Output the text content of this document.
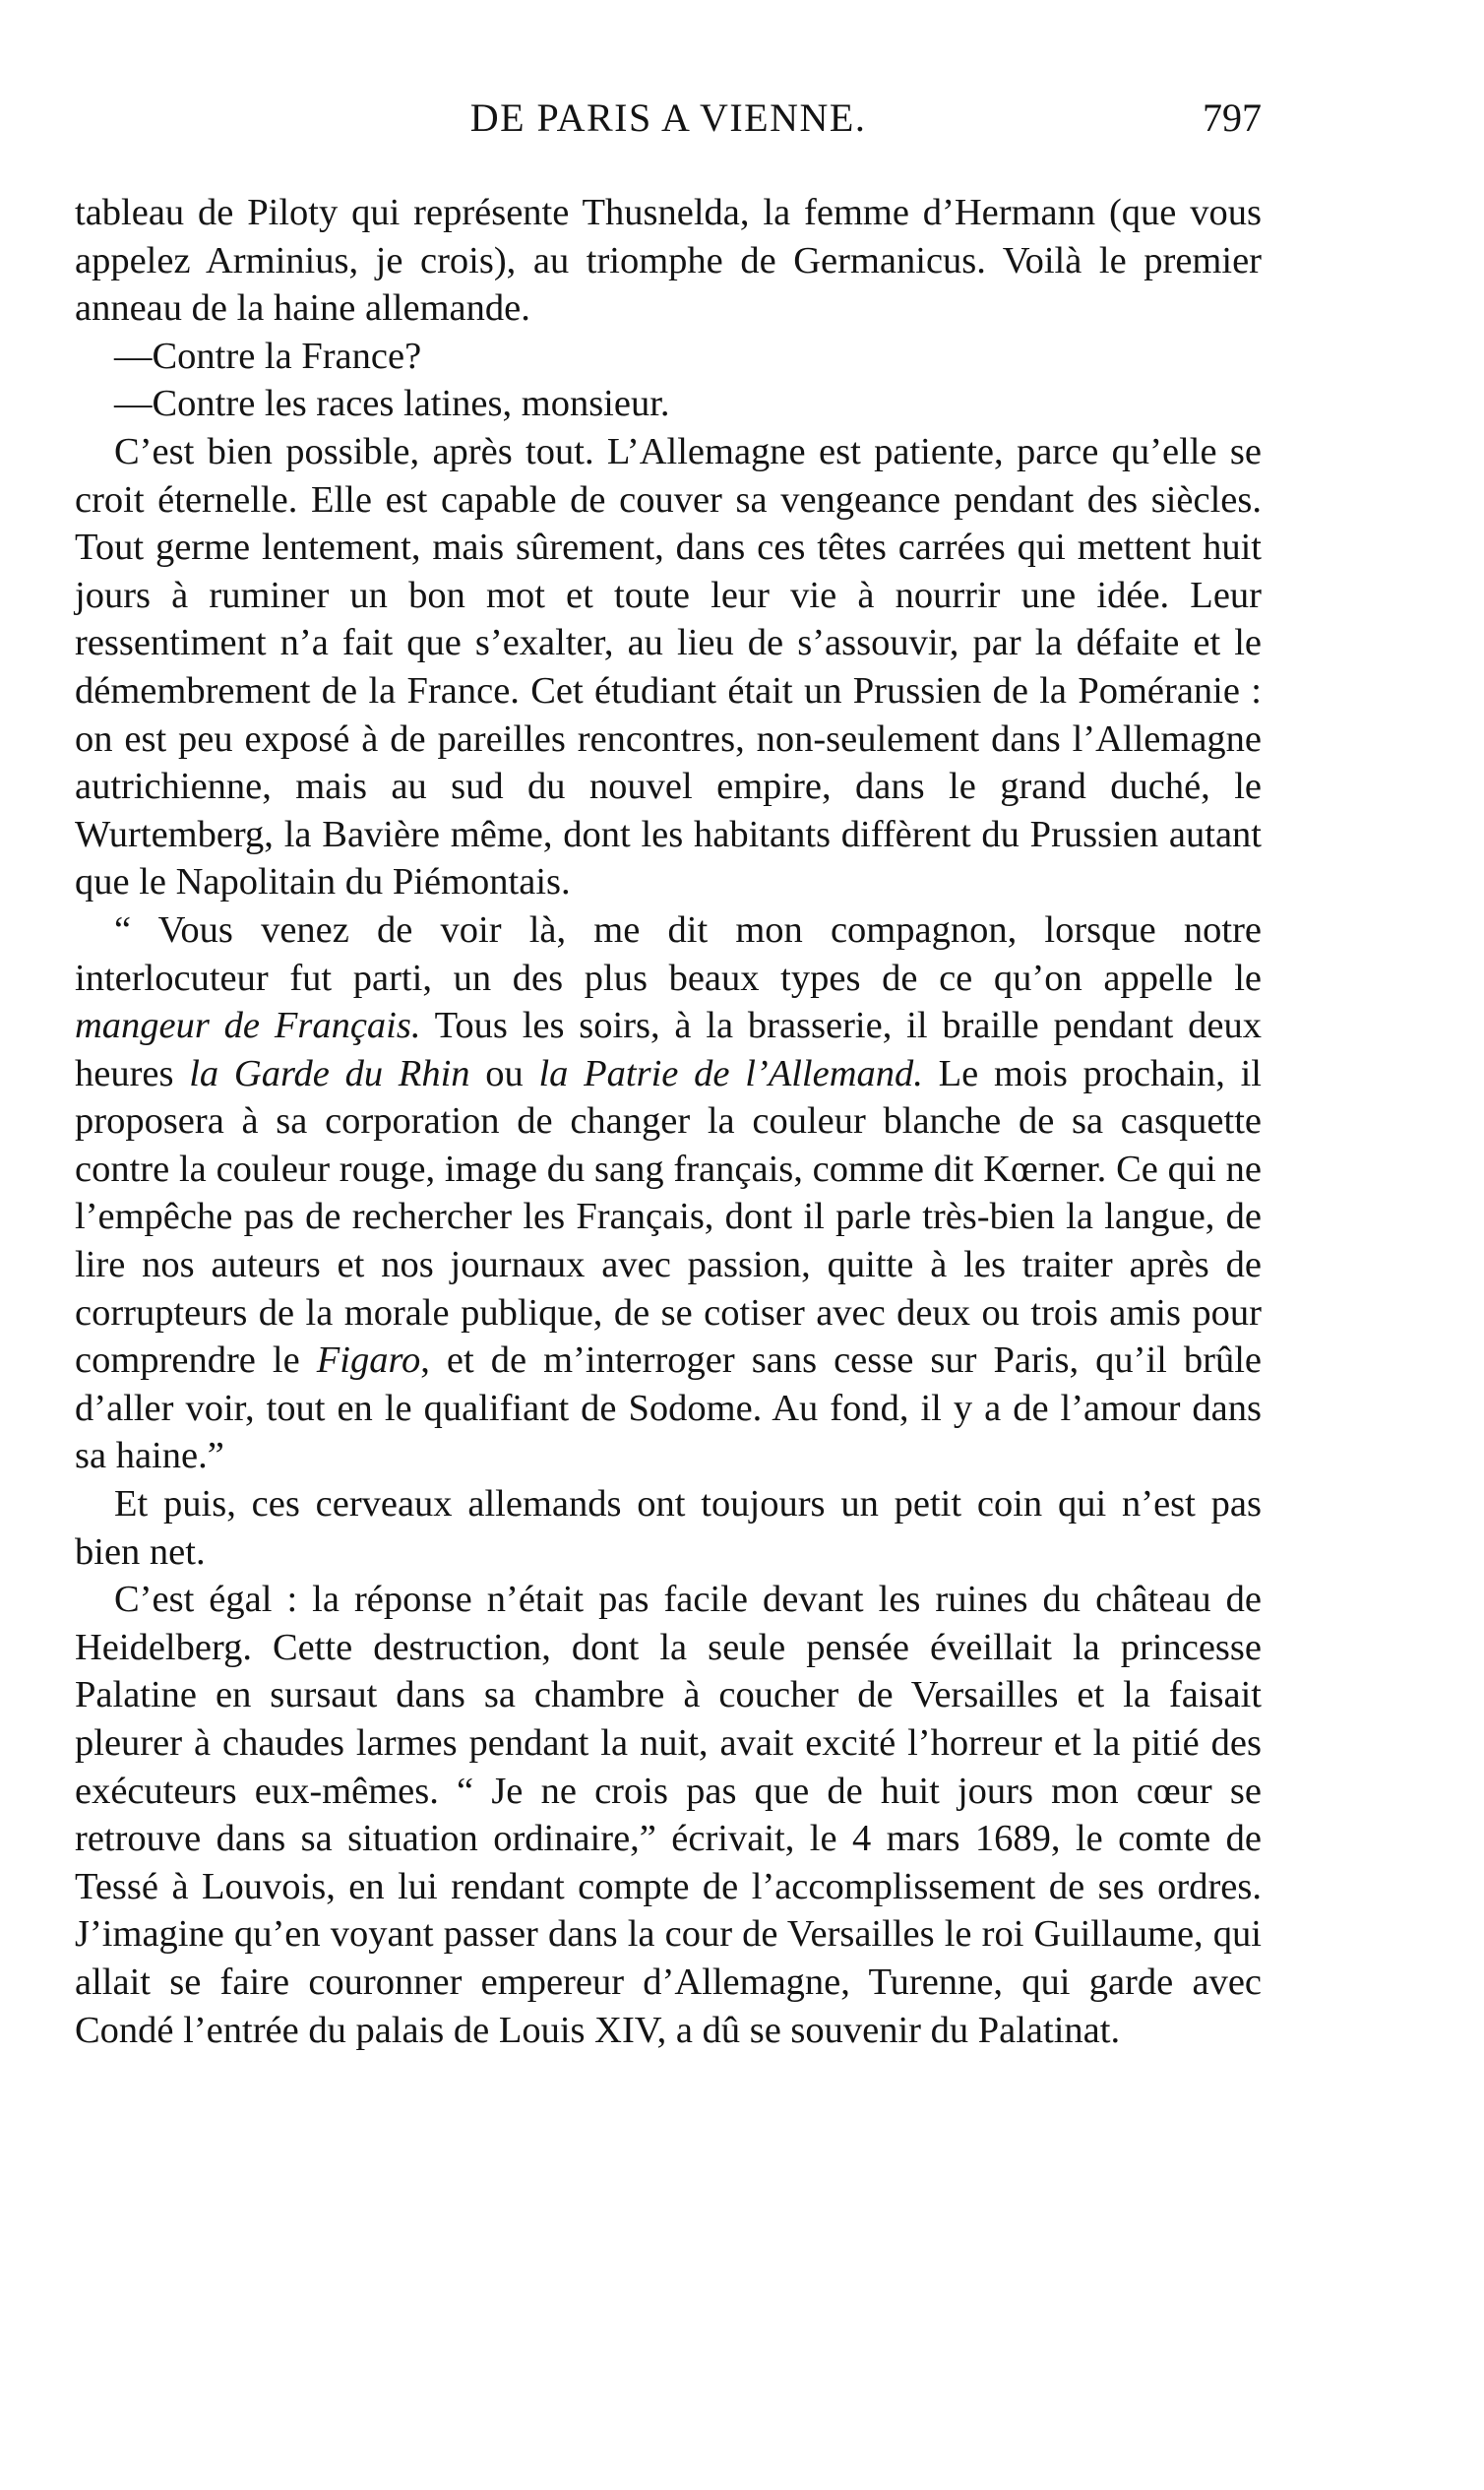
DE PARIS A VIENNE.	797

tableau de Piloty qui représente Thusnelda, la femme d’Hermann (que vous appelez Arminius, je crois), au triomphe de Germanicus. Voilà le premier anneau de la haine allemande.

—Contre la France?

—Contre les races latines, monsieur.

C’est bien possible, après tout. L’Allemagne est patiente, parce qu’elle se croit éternelle. Elle est capable de couver sa vengeance pendant des siècles. Tout germe lentement, mais sûrement, dans ces têtes carrées qui mettent huit jours à ruminer un bon mot et toute leur vie à nourrir une idée. Leur ressentiment n’a fait que s’exalter, au lieu de s’assouvir, par la défaite et le démembrement de la France. Cet étudiant était un Prussien de la Poméranie : on est peu exposé à de pareilles rencontres, non-seulement dans l’Allemagne autrichienne, mais au sud du nouvel empire, dans le grand duché, le Wurtemberg, la Bavière même, dont les habitants diffèrent du Prussien autant que le Napolitain du Piémontais.

“ Vous venez de voir là, me dit mon compagnon, lorsque notre interlocuteur fut parti, un des plus beaux types de ce qu’on appelle le mangeur de Français. Tous les soirs, à la brasserie, il braille pendant deux heures la Garde du Rhin ou la Patrie de l’Allemand. Le mois prochain, il proposera à sa corporation de changer la couleur blanche de sa casquette contre la couleur rouge, image du sang français, comme dit Kœrner. Ce qui ne l’empêche pas de rechercher les Français, dont il parle très-bien la langue, de lire nos auteurs et nos journaux avec passion, quitte à les traiter après de corrupteurs de la morale publique, de se cotiser avec deux ou trois amis pour comprendre le Figaro, et de m’interroger sans cesse sur Paris, qu’il brûle d’aller voir, tout en le qualifiant de Sodome. Au fond, il y a de l’amour dans sa haine.”

Et puis, ces cerveaux allemands ont toujours un petit coin qui n’est pas bien net.

C’est égal : la réponse n’était pas facile devant les ruines du château de Heidelberg. Cette destruction, dont la seule pensée éveillait la princesse Palatine en sursaut dans sa chambre à coucher de Versailles et la faisait pleurer à chaudes larmes pendant la nuit, avait excité l’horreur et la pitié des exécuteurs eux-mêmes. “ Je ne crois pas que de huit jours mon cœur se retrouve dans sa situation ordinaire,” écrivait, le 4 mars 1689, le comte de Tessé à Louvois, en lui rendant compte de l’accomplissement de ses ordres. J’imagine qu’en voyant passer dans la cour de Versailles le roi Guillaume, qui allait se faire couronner empereur d’Allemagne, Turenne, qui garde avec Condé l’entrée du palais de Louis XIV, a dû se souvenir du Palatinat.
